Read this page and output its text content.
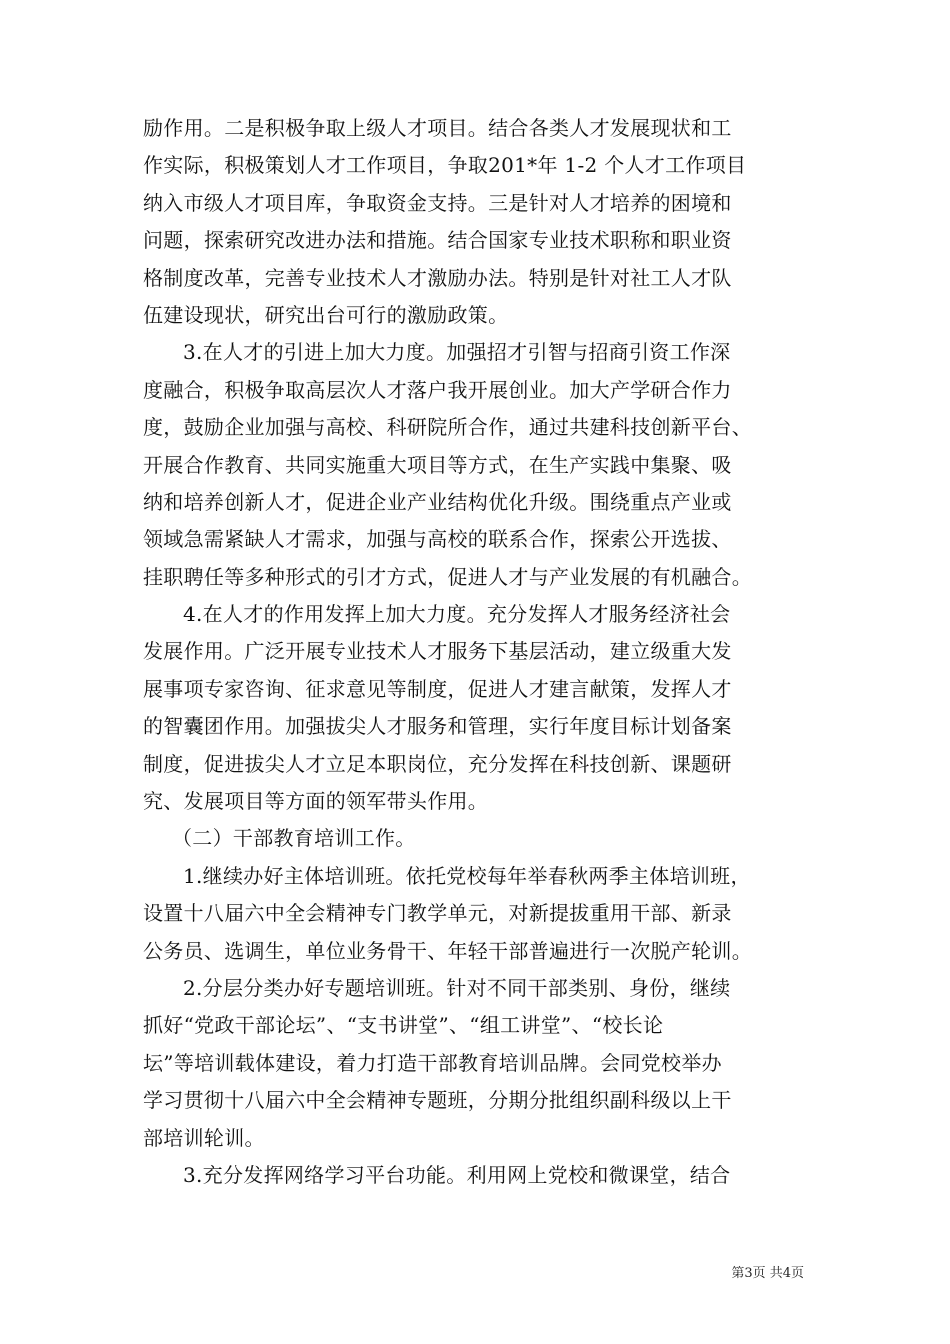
励作用。二是积极争取上级人才项目。结合各类人才发展现状和工
作实际，积极策划人才工作项目，争取201*年 1-2 个人才工作项目
纳入市级人才项目库，争取资金支持。三是针对人才培养的困境和
问题，探索研究改进办法和措施。结合国家专业技术职称和职业资
格制度改革，完善专业技术人才激励办法。特别是针对社工人才队
伍建设现状，研究出台可行的激励政策。
3.在人才的引进上加大力度。加强招才引智与招商引资工作深
度融合，积极争取高层次人才落户我开展创业。加大产学研合作力
度，鼓励企业加强与高校、科研院所合作，通过共建科技创新平台、
开展合作教育、共同实施重大项目等方式，在生产实践中集聚、吸
纳和培养创新人才，促进企业产业结构优化升级。围绕重点产业或
领域急需紧缺人才需求，加强与高校的联系合作，探索公开选拔、
挂职聘任等多种形式的引才方式，促进人才与产业发展的有机融合。
4.在人才的作用发挥上加大力度。充分发挥人才服务经济社会
发展作用。广泛开展专业技术人才服务下基层活动，建立级重大发
展事项专家咨询、征求意见等制度，促进人才建言献策，发挥人才
的智囊团作用。加强拔尖人才服务和管理，实行年度目标计划备案
制度，促进拔尖人才立足本职岗位，充分发挥在科技创新、课题研
究、发展项目等方面的领军带头作用。
（二）干部教育培训工作。
1.继续办好主体培训班。依托党校每年举春秋两季主体培训班，
设置十八届六中全会精神专门教学单元，对新提拔重用干部、新录
公务员、选调生，单位业务骨干、年轻干部普遍进行一次脱产轮训。
2.分层分类办好专题培训班。针对不同干部类别、身份，继续
抓好“党政干部论坛”、“支书讲堂”、“组工讲堂”、“校长论
坛”等培训载体建设，着力打造干部教育培训品牌。会同党校举办
学习贯彻十八届六中全会精神专题班，分期分批组织副科级以上干
部培训轮训。
3.充分发挥网络学习平台功能。利用网上党校和微课堂，结合
第3页 共4页
